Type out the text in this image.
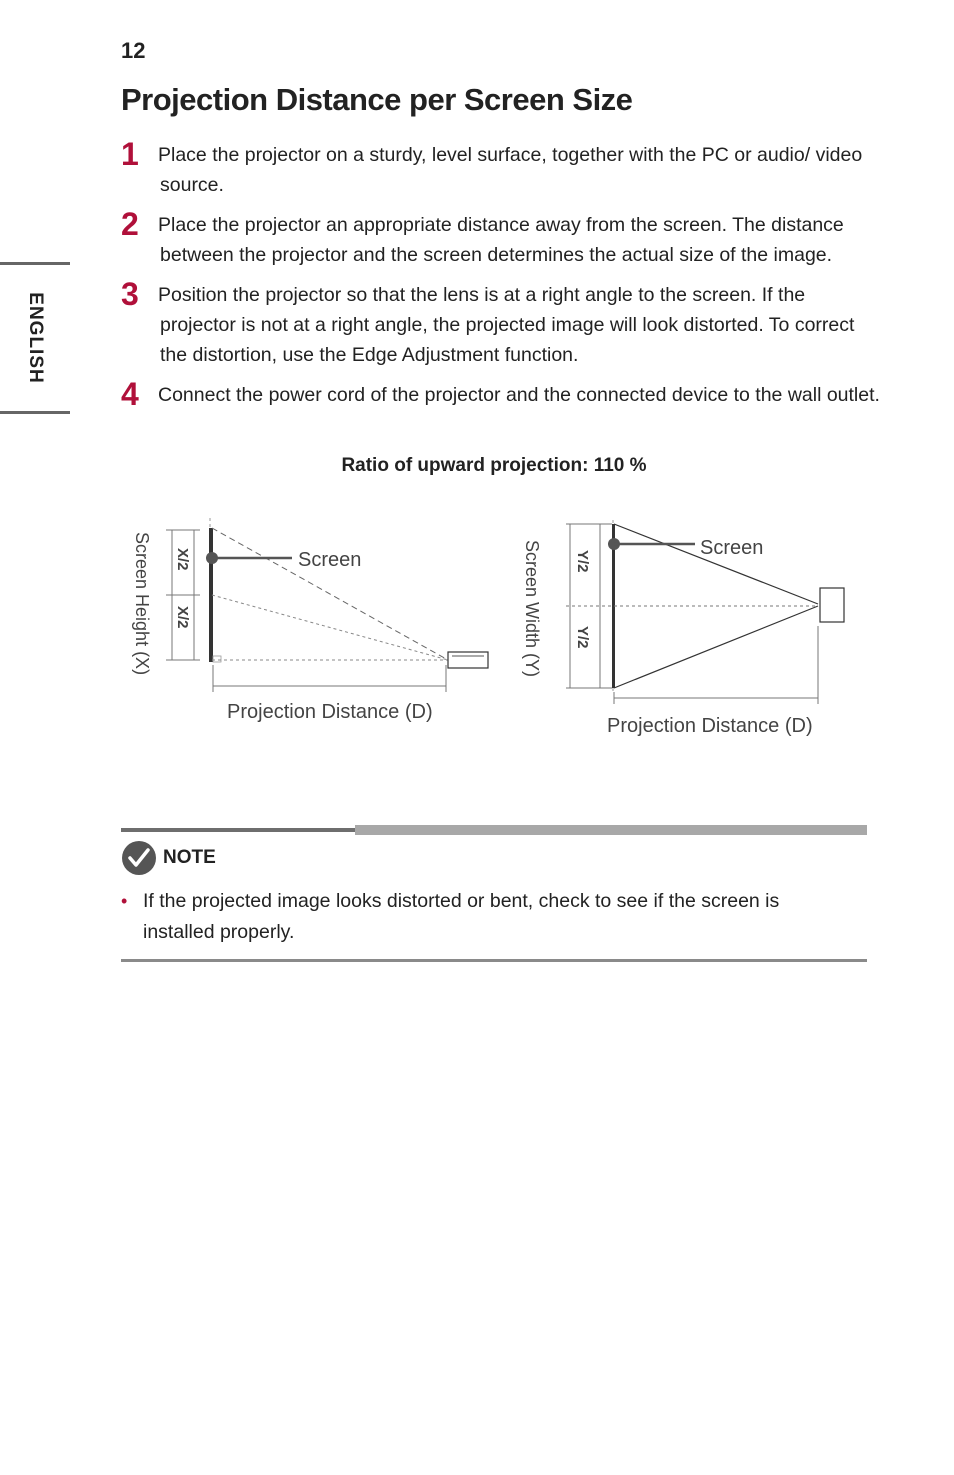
12
ENGLISH
Projection Distance per Screen Size
1 Place the projector on a sturdy, level surface, together with the PC or audio/ video source.
2 Place the projector an appropriate distance away from the screen. The distance between the projector and the screen determines the actual size of the image.
3 Position the projector so that the lens is at a right angle to the screen. If the projector is not at a right angle, the projected image will look distorted. To correct the distortion, use the Edge Adjustment function.
4 Connect the power cord of the projector and the connected device to the wall outlet.
Ratio of upward projection: 110 %
Screen
X/2
X/2
Screen Height (X)
Projection Distance (D)
Screen
Y/2
Y/2
Screen Width (Y)
Projection Distance (D)
NOTE
• If the projected image looks distorted or bent, check to see if the screen is installed properly.
